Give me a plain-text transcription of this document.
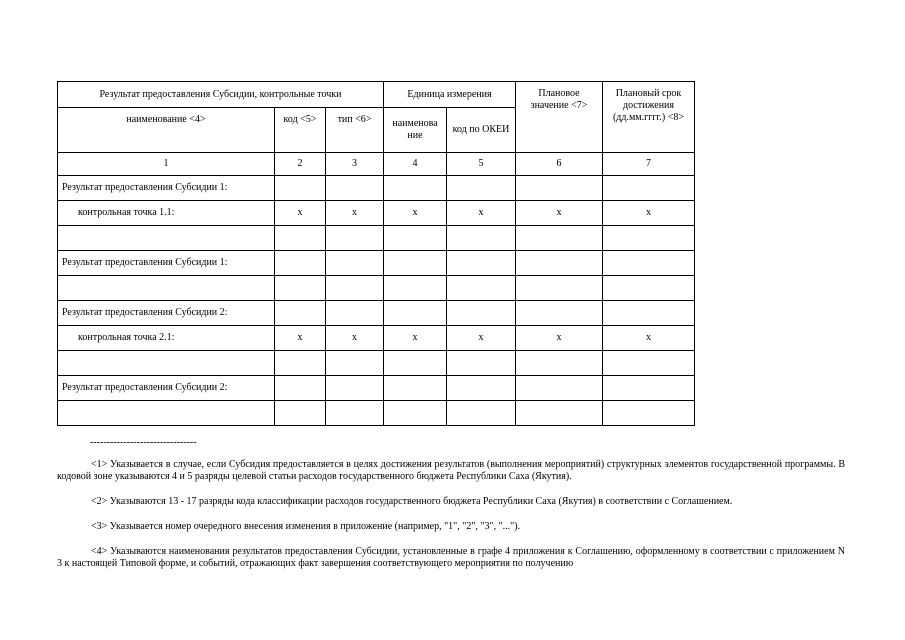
Результат предоставления Субсидии, контрольные точки			Единица измерения		Плановое значение <7>	Плановый срок достижения (дд.мм.гггг.) <8>
наименование <4>	код <5>	тип <6>	наименова ние	код по ОКЕИ		
1	2	3	4	5	6	7
Результат предоставления Субсидии 1:						
контрольная точка 1.1:	x	x	x	x	x	x

Результат предоставления Субсидии 1:						

Результат предоставления Субсидии 2:						
контрольная точка 2.1:	x	x	x	x	x	x

Результат предоставления Субсидии 2:						

--------------------------------

<1> Указывается в случае, если Субсидия предоставляется в целях достижения результатов (выполнения мероприятий) структурных элементов государственной программы. В кодовой зоне указываются 4 и 5 разряды целевой статьи расходов государственного бюджета Республики Саха (Якутия).

<2> Указываются 13 - 17 разряды кода классификации расходов государственного бюджета Республики Саха (Якутия) в соответствии с Соглашением.

<3> Указывается номер очередного внесения изменения в приложение (например, "1", "2", "3", "...").

<4> Указываются наименования результатов предоставления Субсидии, установленные в графе 4 приложения к Соглашению, оформленному в соответствии с приложением N 3 к настоящей Типовой форме, и событий, отражающих факт завершения соответствующего мероприятия по получению
